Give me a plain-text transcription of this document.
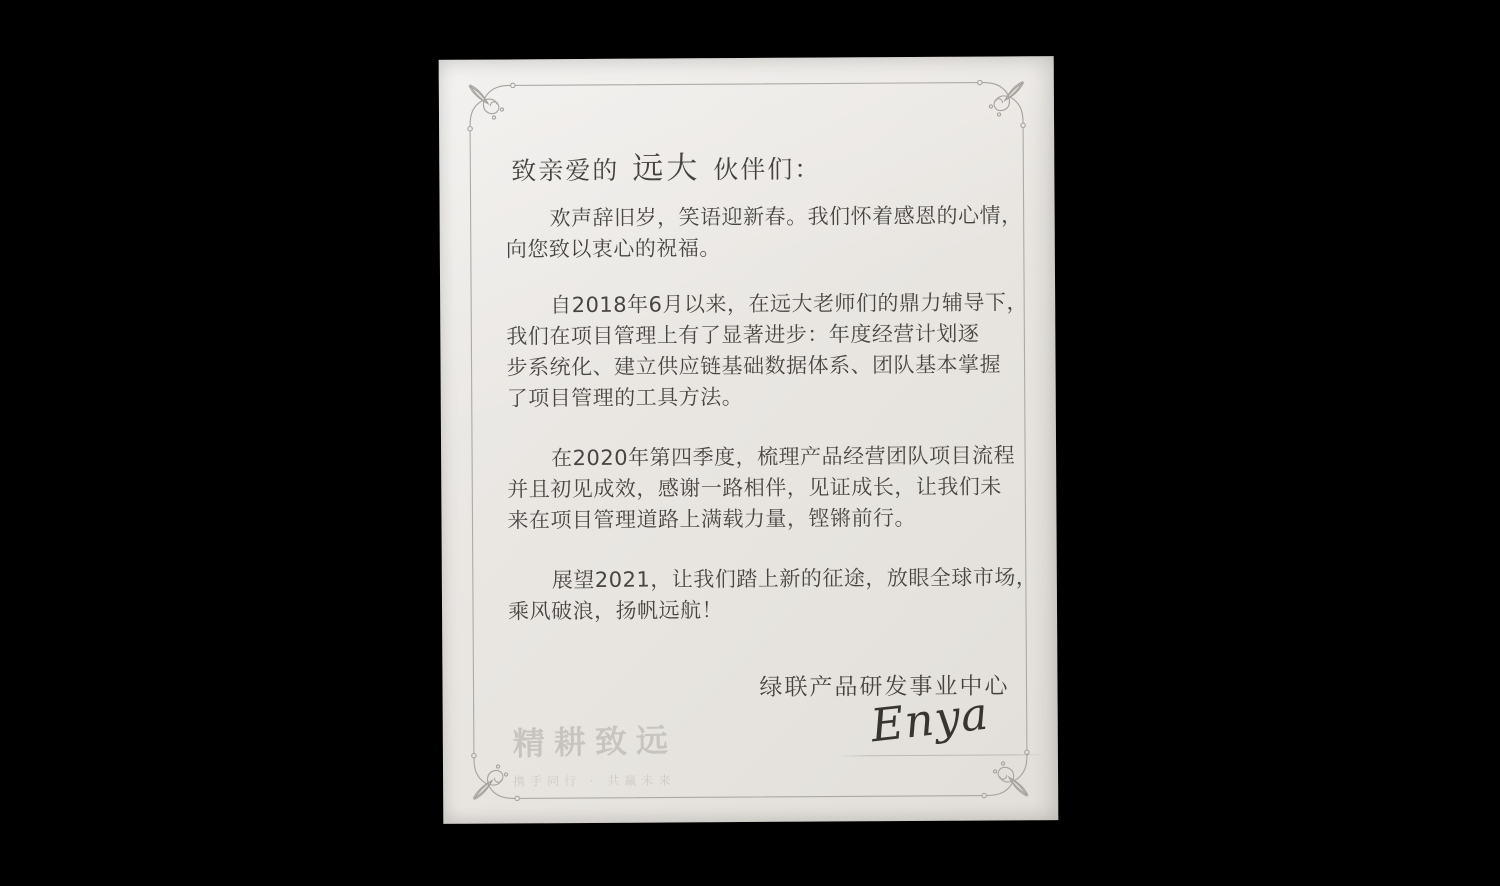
致亲爱的 远大 伙伴们：
欢声辞旧岁，笑语迎新春。我们怀着感恩的心情，
向您致以衷心的祝福。
自2018年6月以来，在远大老师们的鼎力辅导下，
我们在项目管理上有了显著进步：年度经营计划逐
步系统化、建立供应链基础数据体系、团队基本掌握
了项目管理的工具方法。
在2020年第四季度，梳理产品经营团队项目流程
并且初见成效，感谢一路相伴，见证成长，让我们未
来在项目管理道路上满载力量，铿锵前行。
展望2021，让我们踏上新的征途，放眼全球市场，
乘风破浪，扬帆远航！
绿联产品研发事业中心
Enya
精耕致远
携手同行 · 共赢未来
